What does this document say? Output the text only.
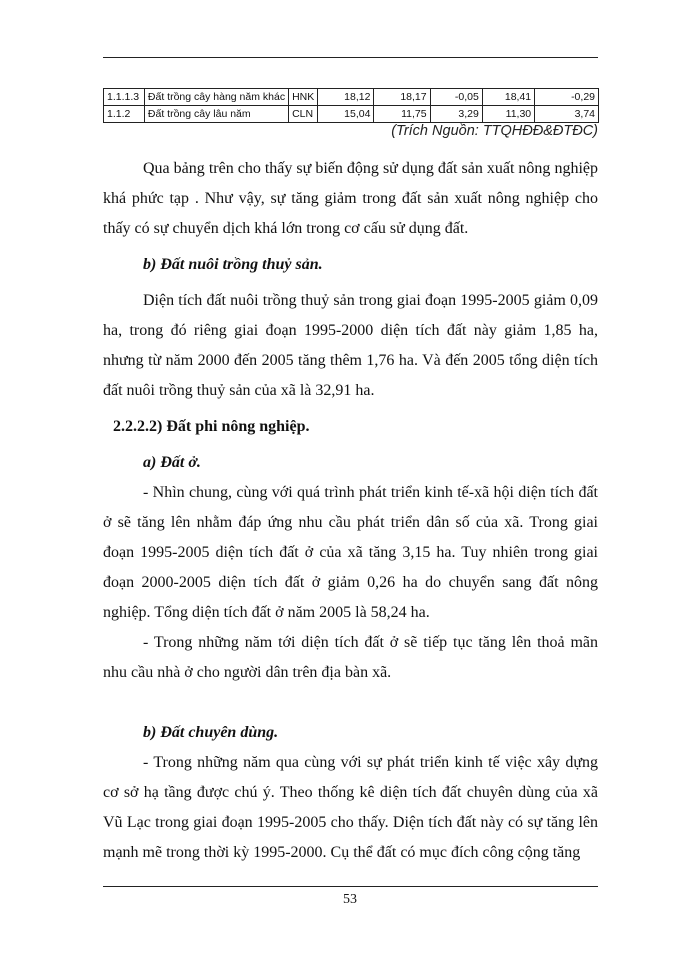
1.1.1.3	Đất trồng cây hàng năm khác	HNK	18,12	18,17	-0,05	18,41	-0,29
1.1.2	Đất trồng cây lâu năm	CLN	15,04	11,75	3,29	11,30	3,74
(Trích Nguồn: TTQHĐĐ&ĐTĐC)

Qua bảng trên cho thấy sự biến động sử dụng đất sản xuất nông nghiệp khá phức tạp . Như vậy, sự tăng giảm trong đất sản xuất nông nghiệp cho thấy có sự chuyển dịch khá lớn trong cơ cấu sử dụng đất.

b) Đất nuôi trồng thuỷ sản.

Diện tích đất nuôi trồng thuỷ sản trong giai đoạn 1995-2005 giảm 0,09 ha, trong đó riêng giai đoạn 1995-2000 diện tích đất này giảm 1,85 ha, nhưng từ năm 2000 đến 2005 tăng thêm 1,76 ha. Và đến 2005 tổng diện tích đất nuôi trồng thuỷ sản của xã là 32,91 ha.

2.2.2.2) Đất phi nông nghiệp.

a) Đất ở.

- Nhìn chung, cùng với quá trình phát triển kinh tế-xã hội diện tích đất ở sẽ tăng lên nhằm đáp ứng nhu cầu phát triển dân số của xã. Trong giai đoạn 1995-2005 diện tích đất ở của xã tăng 3,15 ha. Tuy nhiên trong giai đoạn 2000-2005 diện tích đất ở giảm 0,26 ha do chuyển sang đất nông nghiệp. Tổng diện tích đất ở năm 2005 là 58,24 ha.

- Trong những năm tới diện tích đất ở sẽ tiếp tục tăng lên thoả mãn nhu cầu nhà ở cho người dân trên địa bàn xã.

b) Đất chuyên dùng.

- Trong những năm qua cùng với sự phát triển kinh tế việc xây dựng cơ sở hạ tầng được chú ý. Theo thống kê diện tích đất chuyên dùng của xã Vũ Lạc trong giai đoạn 1995-2005 cho thấy. Diện tích đất này có sự tăng lên mạnh mẽ trong thời kỳ 1995-2000. Cụ thể đất có mục đích công cộng tăng

53
